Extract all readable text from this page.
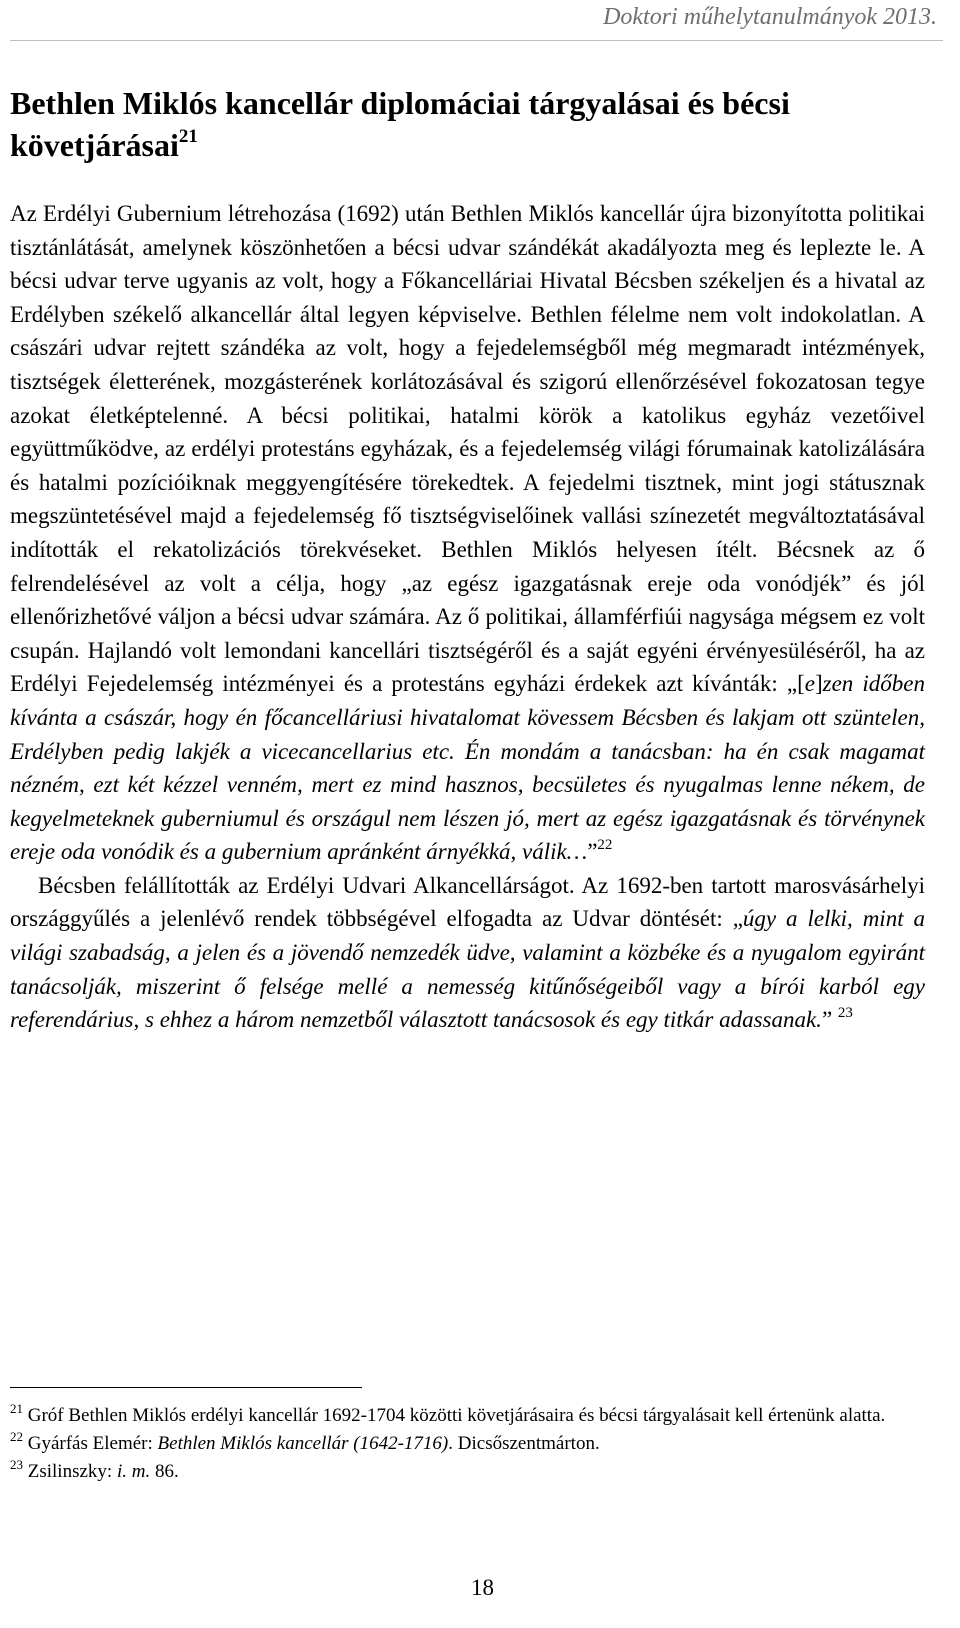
Doktori műhelytanulmányok 2013.
Bethlen Miklós kancellár diplomáciai tárgyalásai és bécsi követjárásai$^{21}$

Az Erdélyi Gubernium létrehozása (1692) után Bethlen Miklós kancellár újra bizonyította politikai tisztánlátását, amelynek köszönhetően a bécsi udvar szándékát akadályozta meg és leplezte le. A bécsi udvar terve ugyanis az volt, hogy a Főkancelláriai Hivatal Bécsben székeljen és a hivatal az Erdélyben székelő alkancellár által legyen képviselve. Bethlen félelme nem volt indokolatlan. A császári udvar rejtett szándéka az volt, hogy a fejedelemségből még megmaradt intézmények, tisztségek életterének, mozgásterének korlátozásával és szigorú ellenőrzésével fokozatosan tegye azokat életképtelenné. A bécsi politikai, hatalmi körök a katolikus egyház vezetőivel együttműködve, az erdélyi protestáns egyházak, és a fejedelemség világi fórumainak katolizálására és hatalmi pozícióiknak meggyengítésére törekedtek. A fejedelmi tisztnek, mint jogi státusznak megszüntetésével majd a fejedelemség fő tisztségviselőinek vallási színezetét megváltoztatásával indították el rekatolizációs törekvéseket. Bethlen Miklós helyesen ítélt. Bécsnek az ő felrendelésével az volt a célja, hogy „az egész igazgatásnak ereje oda vonódjék” és jól ellenőrizhetővé váljon a bécsi udvar számára. Az ő politikai, államférfiúi nagysága mégsem ez volt csupán. Hajlandó volt lemondani kancellári tisztségéről és a saját egyéni érvényesüléséről, ha az Erdélyi Fejedelemség intézményei és a protestáns egyházi érdekek azt kívánták: „[e]zen időben kívánta a császár, hogy én főcancelláriusi hivatalomat kövessem Bécsben és lakjam ott szüntelen, Erdélyben pedig lakjék a vicecancellarius etc. Én mondám a tanácsban: ha én csak magamat nézném, ezt két kézzel venném, mert ez mind hasznos, becsületes és nyugalmas lenne nékem, de kegyelmeteknek guberniumul és országul nem lészen jó, mert az egész igazgatásnak és törvénynek ereje oda vonódik és a gubernium apránként árnyékká, válik…”$^{22}$

Bécsben felállították az Erdélyi Udvari Alkancellárságot. Az 1692-ben tartott marosvásárhelyi országgyűlés a jelenlévő rendek többségével elfogadta az Udvar döntését: „úgy a lelki, mint a világi szabadság, a jelen és a jövendő nemzedék üdve, valamint a közbéke és a nyugalom egyiránt tanácsolják, miszerint ő felsége mellé a nemesség kitűnőségeiből vagy a bírói karból egy referendárius, s ehhez a három nemzetből választott tanácsosok és egy titkár adassanak.” $^{23}$

$^{21}$ Gróf Bethlen Miklós erdélyi kancellár 1692-1704 közötti követjárásaira és bécsi tárgyalásait kell értenünk alatta.

$^{22}$ Gyárfás Elemér: Bethlen Miklós kancellár (1642-1716). Dicsőszentmárton.

$^{23}$ Zsilinszky: i. m. 86.

18
